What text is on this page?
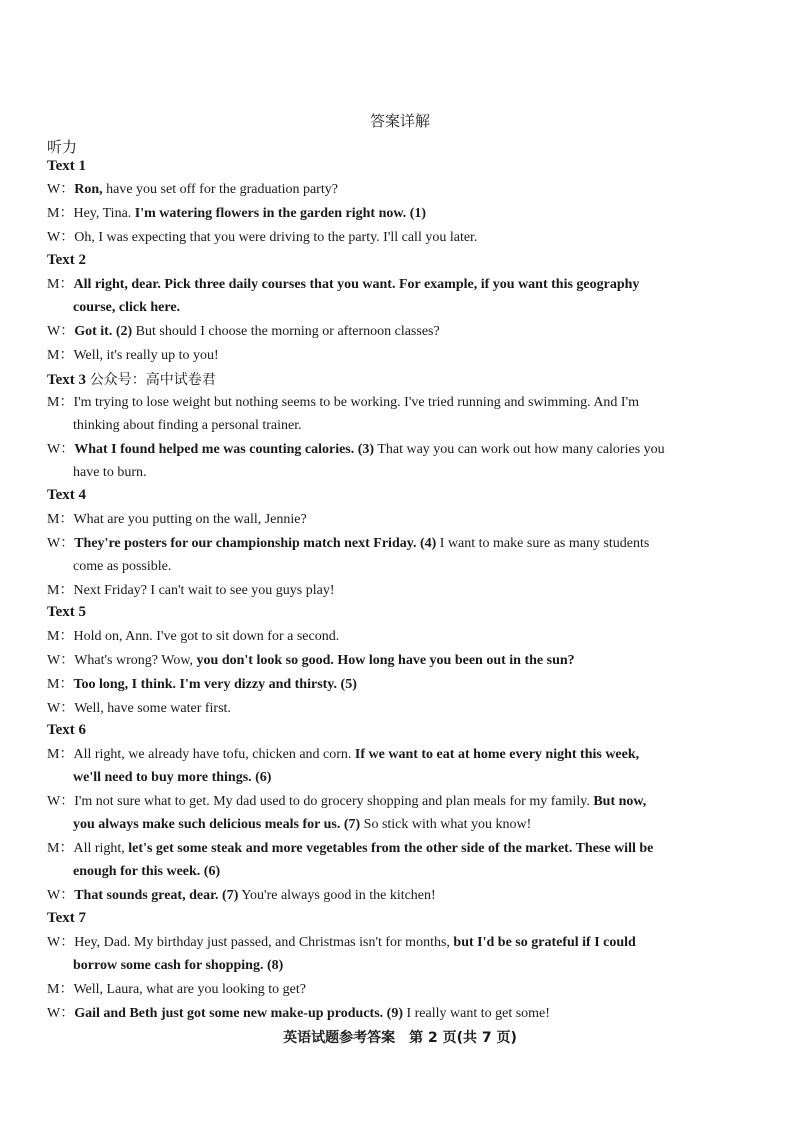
答案详解
听力
Text 1
W：Ron, have you set off for the graduation party?
M：Hey, Tina. I'm watering flowers in the garden right now. (1)
W：Oh, I was expecting that you were driving to the party. I'll call you later.
Text 2
M：All right, dear. Pick three daily courses that you want. For example, if you want this geography
course, click here.
W：Got it. (2) But should I choose the morning or afternoon classes?
M：Well, it's really up to you!
Text 3 公众号：高中试卷君
M：I'm trying to lose weight but nothing seems to be working. I've tried running and swimming. And I'm
thinking about finding a personal trainer.
W：What I found helped me was counting calories. (3) That way you can work out how many calories you
have to burn.
Text 4
M：What are you putting on the wall, Jennie?
W：They're posters for our championship match next Friday. (4) I want to make sure as many students
come as possible.
M：Next Friday? I can't wait to see you guys play!
Text 5
M：Hold on, Ann. I've got to sit down for a second.
W：What's wrong? Wow, you don't look so good. How long have you been out in the sun?
M：Too long, I think. I'm very dizzy and thirsty. (5)
W：Well, have some water first.
Text 6
M：All right, we already have tofu, chicken and corn. If we want to eat at home every night this week,
we'll need to buy more things. (6)
W：I'm not sure what to get. My dad used to do grocery shopping and plan meals for my family. But now,
you always make such delicious meals for us. (7) So stick with what you know!
M：All right, let's get some steak and more vegetables from the other side of the market. These will be
enough for this week. (6)
W：That sounds great, dear. (7) You're always good in the kitchen!
Text 7
W：Hey, Dad. My birthday just passed, and Christmas isn't for months, but I'd be so grateful if I could
borrow some cash for shopping. (8)
M：Well, Laura, what are you looking to get?
W：Gail and Beth just got some new make-up products. (9) I really want to get some!
英语试题参考答案　第 2 页(共 7 页)
